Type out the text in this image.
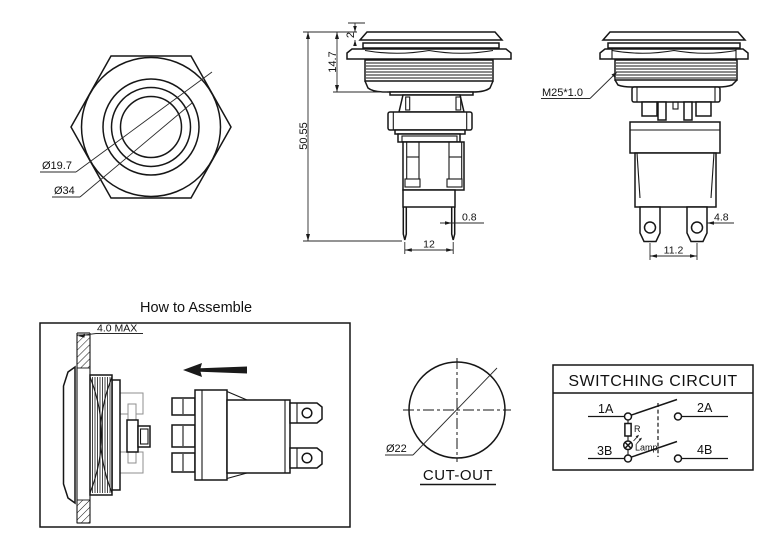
Ø19.7
Ø34
50.55
14.7
2
0.8
12
M25*1.0
4.8
11.2
How to Assemble
4.0 MAX
Ø22
CUT-OUT
SWITCHING CIRCUIT
1A	2A
3B	4B
R
Lamp
